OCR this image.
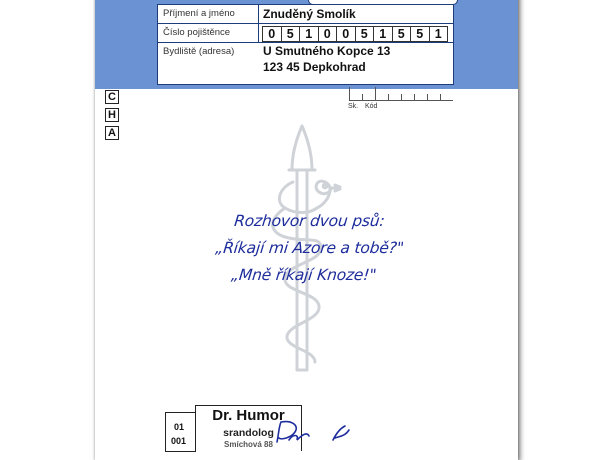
Příjmení a jméno Znuděný Smolík
Číslo pojištěnce	0 5 1 0 0 5 1 5 5 1
Bydliště (adresa) U Smutného Kopce 13
123 45 Depkohrad
Sk. Kód
C
H
A
Rozhovor dvou psů:
„Říkají mi Azore a tobě?"
„Mně říkají Knoze!"
01
001
Dr. Humor
srandolog
Smíchová 88
